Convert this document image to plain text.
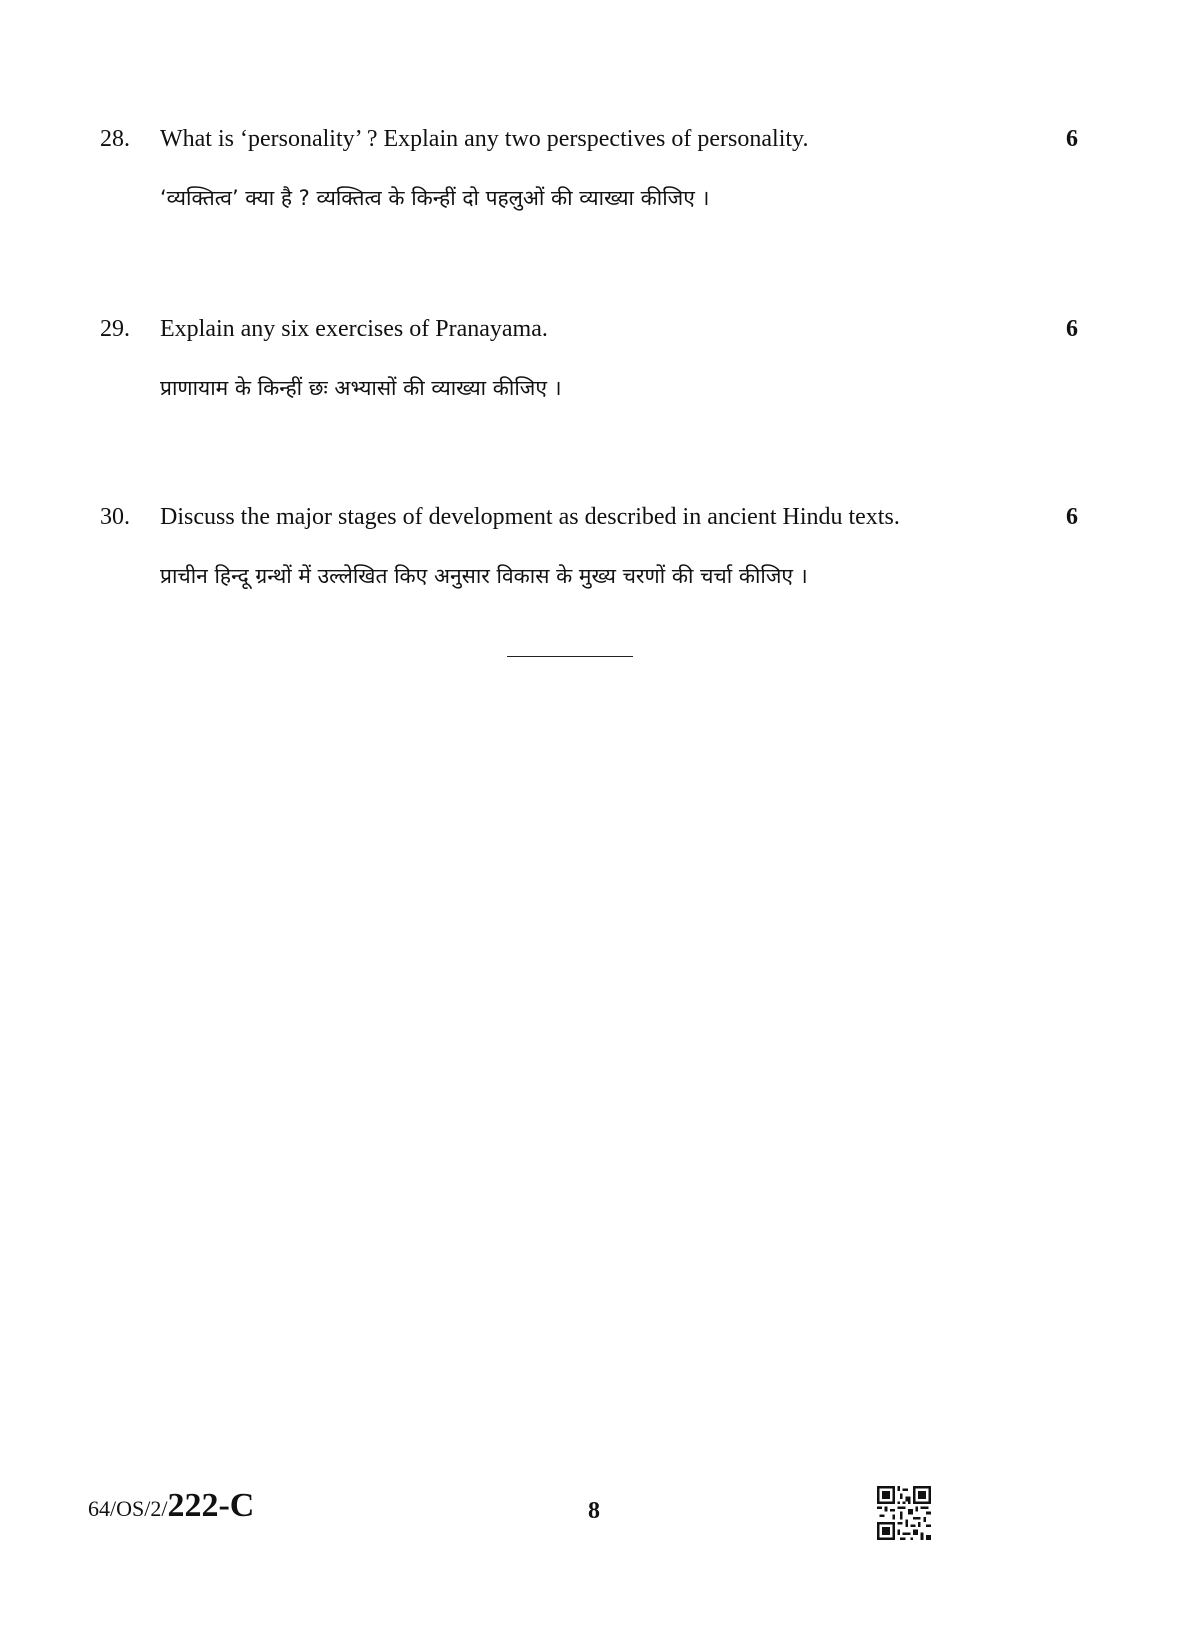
28. What is ‘personality’ ? Explain any two perspectives of personality.	6
‘व्यक्तित्व’ क्या है ? व्यक्तित्व के किन्हीं दो पहलुओं की व्याख्या कीजिए ।
29. Explain any six exercises of Pranayama.	6
प्राणायाम के किन्हीं छः अभ्यासों की व्याख्या कीजिए ।
30. Discuss the major stages of development as described in ancient Hindu texts.	6
प्राचीन हिन्दू ग्रन्थों में उल्लेखित किए अनुसार विकास के मुख्य चरणों की चर्चा कीजिए ।
64/OS/2/222-C	8
